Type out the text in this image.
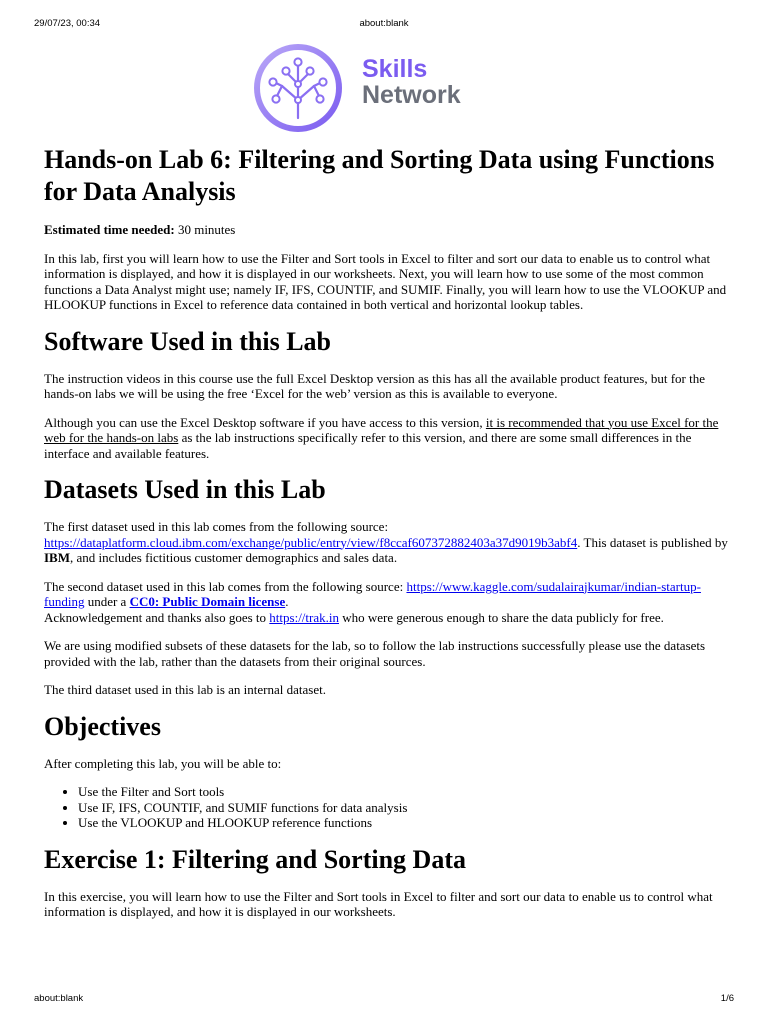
29/07/23, 00:34	about:blank
Skills
Network
Hands-on Lab 6: Filtering and Sorting Data using Functions for Data Analysis

Estimated time needed: 30 minutes

In this lab, first you will learn how to use the Filter and Sort tools in Excel to filter and sort our data to enable us to control what information is displayed, and how it is displayed in our worksheets. Next, you will learn how to use some of the most common functions a Data Analyst might use; namely IF, IFS, COUNTIF, and SUMIF. Finally, you will learn how to use the VLOOKUP and HLOOKUP functions in Excel to reference data contained in both vertical and horizontal lookup tables.

Software Used in this Lab

The instruction videos in this course use the full Excel Desktop version as this has all the available product features, but for the hands-on labs we will be using the free ‘Excel for the web’ version as this is available to everyone.

Although you can use the Excel Desktop software if you have access to this version, it is recommended that you use Excel for the web for the hands-on labs as the lab instructions specifically refer to this version, and there are some small differences in the interface and available features.

Datasets Used in this Lab

The first dataset used in this lab comes from the following source: https://dataplatform.cloud.ibm.com/exchange/public/entry/view/f8ccaf607372882403a37d9019b3abf4. This dataset is published by IBM, and includes fictitious customer demographics and sales data.

The second dataset used in this lab comes from the following source: https://www.kaggle.com/sudalairajkumar/indian-startup-funding under a CC0: Public Domain license.
Acknowledgement and thanks also goes to https://trak.in who were generous enough to share the data publicly for free.

We are using modified subsets of these datasets for the lab, so to follow the lab instructions successfully please use the datasets provided with the lab, rather than the datasets from their original sources.

The third dataset used in this lab is an internal dataset.

Objectives

After completing this lab, you will be able to:

• Use the Filter and Sort tools
• Use IF, IFS, COUNTIF, and SUMIF functions for data analysis
• Use the VLOOKUP and HLOOKUP reference functions
Exercise 1: Filtering and Sorting Data

In this exercise, you will learn how to use the Filter and Sort tools in Excel to filter and sort our data to enable us to control what information is displayed, and how it is displayed in our worksheets.

about:blank	1/6
